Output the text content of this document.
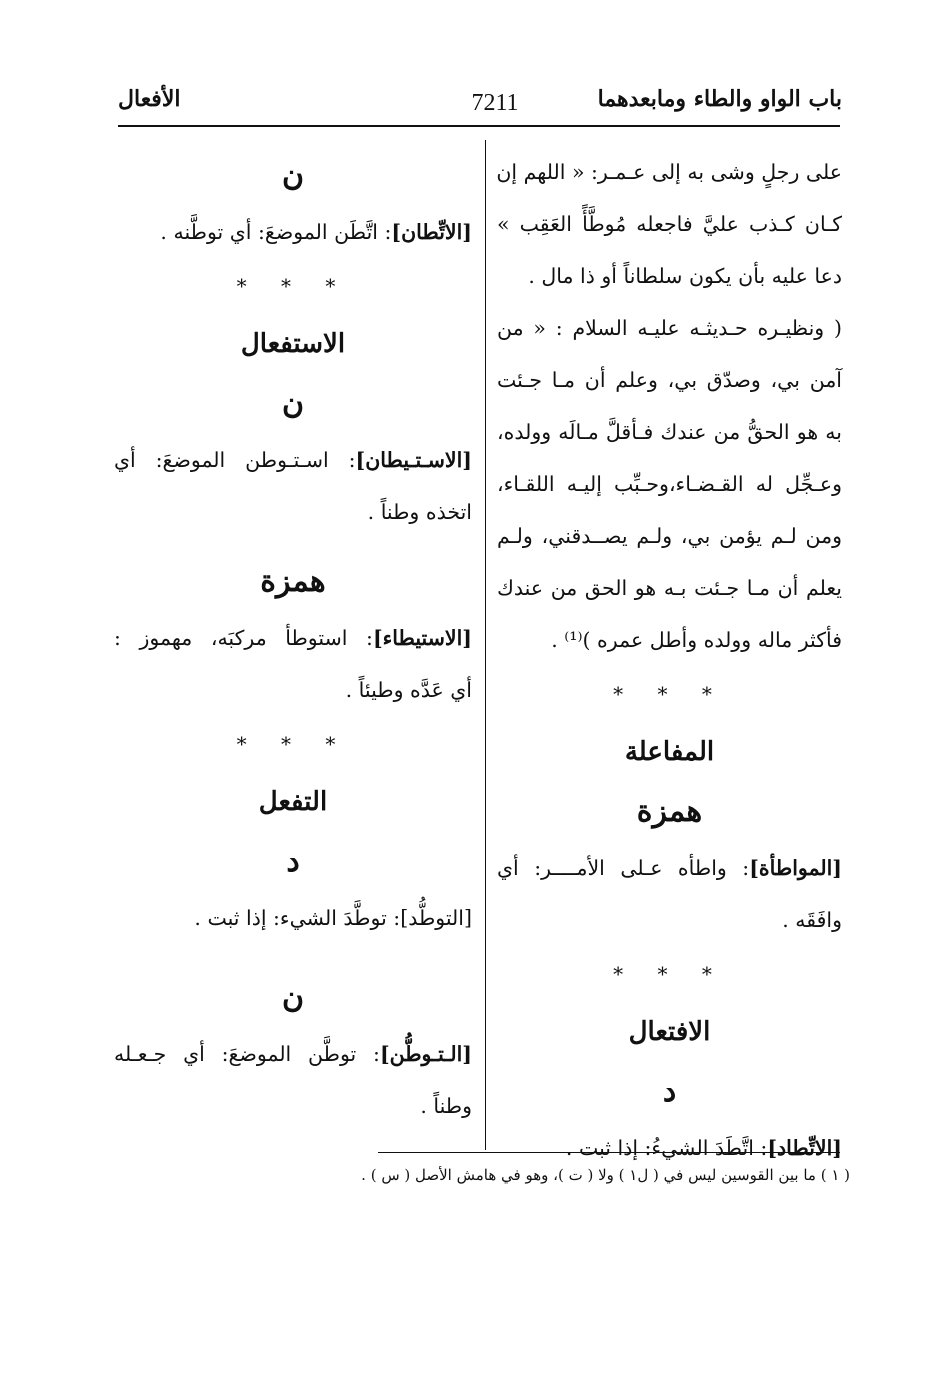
باب الواو والطاء ومابعدهما
7211
الأفعال
على رجلٍ وشى به إلى عـمـر: « اللهم إن
كـان كـذب عليَّ فاجعله مُوطَّأً العَقِب »
دعا عليه بأن يكون سلطاناً أو ذا مال .
( ونظيـره حـديثـه عليـه السلام : « من
آمن بي، وصدّق بي، وعلم أن مـا جـئت
به هو الحقُّ من عندك فـأقلَّ مـالَه وولده،
وعـجِّل له القـضـاء،وحـبِّب إليـه اللقـاء،
ومن لـم يؤمن بي، ولـم يصــدقني، ولـم
يعلم أن مـا جـئت بـه هو الحق من عندك
فأكثر ماله وولده وأطل عمره )⁽¹⁾ .
* * *
المفاعلة
همزة
[المواطأة]: واطأه عـلى الأمــــر: أي
وافَقَه .
* * *
الافتعال
د
[الاتِّطاد]: اتَّطَدَ الشيءُ: إذا ثبت .
ن
[الاتِّطان]: اتَّطَن الموضعَ: أي توطَّنه .
* * *
الاستفعال
ن
[الاسـتـيطان]: اسـتـوطن الموضعَ: أي
اتخذه وطناً .
همزة
[الاستيطاء]: استوطأ مركبَه، مهموز :
أي عَدَّه وطيئاً .
* * *
التفعل
د
[التوطُّد]: توطَّدَ الشيء: إذا ثبت .
ن
[الـتـوطُّن]: توطَّن الموضعَ: أي جـعـله
وطناً .
( ١ ) ما بين القوسين ليس في ( ل١ ) ولا ( ت )، وهو في هامش الأصل ( س ) .
